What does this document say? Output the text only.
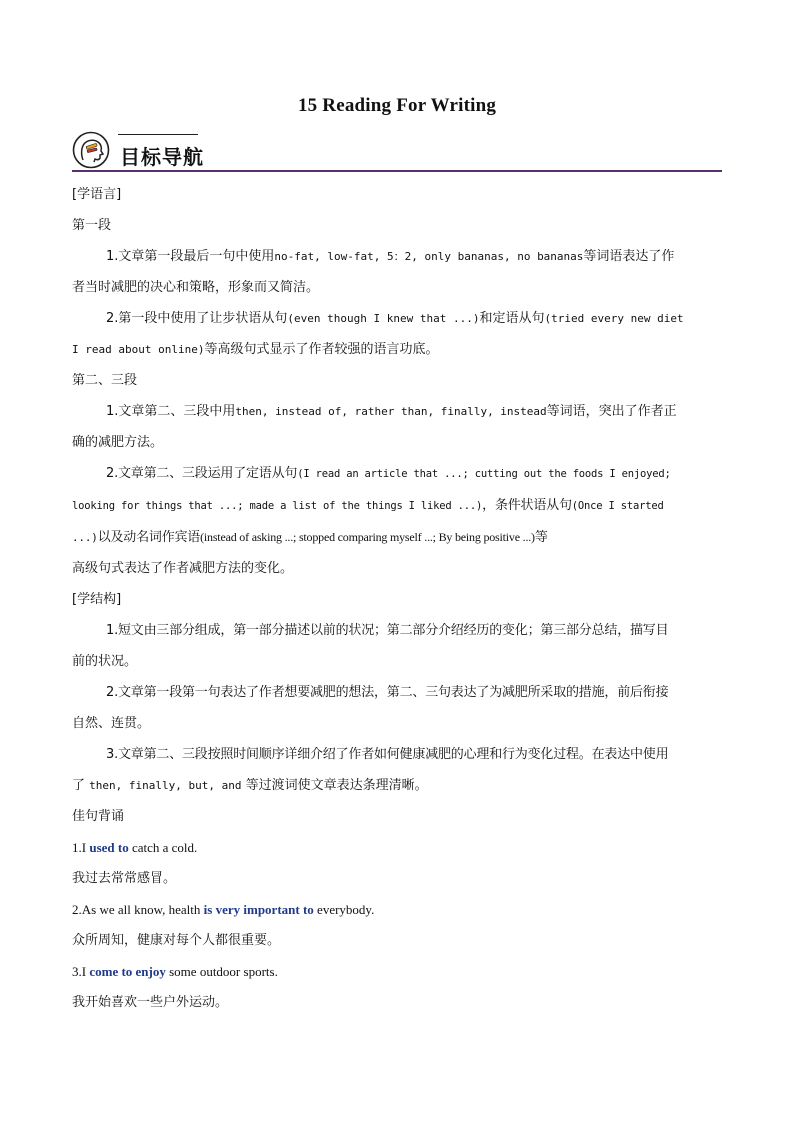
15 Reading For Writing
目标导航

[学语言]

第一段

1.文章第一段最后一句中使用no-fat, low-fat, 5：2, only bananas, no bananas等词语表达了作

者当时减肥的决心和策略，形象而又简洁。

2.第一段中使用了让步状语从句(even though I knew that ...)和定语从句(tried every new diet

I read about online)等高级句式显示了作者较强的语言功底。

第二、三段

1.文章第二、三段中用then, instead of, rather than, finally, instead等词语，突出了作者正

确的减肥方法。

2.文章第二、三段运用了定语从句(I read an article that ...; cutting out the foods I enjoyed;

looking for things that ...; made a list of the things I liked ...)，条件状语从句(Once I started

...)以及动名词作宾语(instead of asking ...; stopped comparing myself ...; By being positive ...)等

高级句式表达了作者减肥方法的变化。

[学结构]

1.短文由三部分组成，第一部分描述以前的状况；第二部分介绍经历的变化；第三部分总结，描写目

前的状况。

2.文章第一段第一句表达了作者想要减肥的想法，第二、三句表达了为减肥所采取的措施，前后衔接

自然、连贯。

3.文章第二、三段按照时间顺序详细介绍了作者如何健康减肥的心理和行为变化过程。在表达中使用

了 then, finally, but, and 等过渡词使文章表达条理清晰。

佳句背诵

1.I used to catch a cold.

我过去常常感冒。

2.As we all know, health is very important to everybody.

众所周知，健康对每个人都很重要。

3.I come to enjoy some outdoor sports.

我开始喜欢一些户外运动。
